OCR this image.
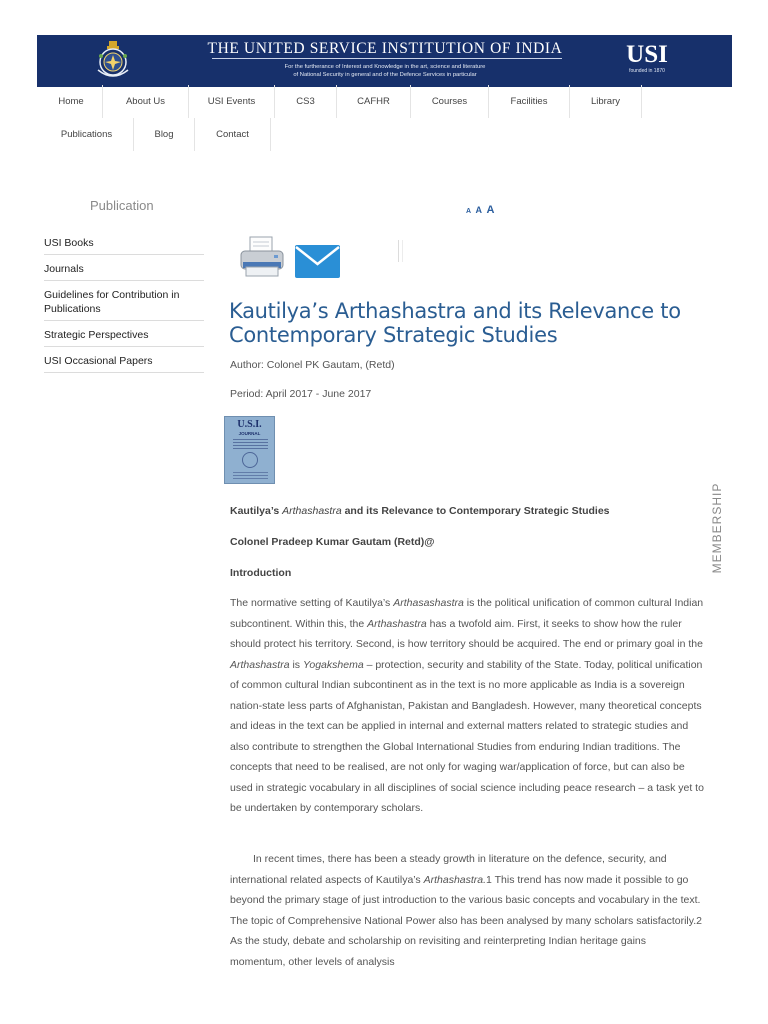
THE UNITED SERVICE INSTITUTION OF INDIA
For the furtherance of Interest and Knowledge in the art, science and literature
of National Security in general and of the Defence Services in particular
USI
founded in 1870
Home	About Us	USI Events	CS3	CAFHR	Courses	Facilities	Library
Publications	Blog	Contact
Publication
USI Books
Journals
Guidelines for Contribution in Publications
Strategic Perspectives
USI Occasional Papers
A A A
Kautilya’s Arthashastra and its Relevance to Contemporary Strategic Studies
Author: Colonel PK Gautam, (Retd)
Period: April 2017 - June 2017
U.S.I.
JOURNAL
Kautilya’s Arthashastra and its Relevance to Contemporary Strategic Studies
Colonel Pradeep Kumar Gautam (Retd)@
Introduction

The normative setting of Kautilya’s Arthasashastra is the political unification of common cultural Indian subcontinent. Within this, the Arthashastra has a twofold aim. First, it seeks to show how the ruler should protect his territory. Second, is how territory should be acquired. The end or primary goal in the Arthashastra is Yogakshema – protection, security and stability of the State. Today, political unification of common cultural Indian subcontinent as in the text is no more applicable as India is a sovereign nation-state less parts of Afghanistan, Pakistan and Bangladesh. However, many theoretical concepts and ideas in the text can be applied in internal and external matters related to strategic studies and also contribute to strengthen the Global International Studies from enduring Indian traditions. The concepts that need to be realised, are not only for waging war/application of force, but can also be used in strategic vocabulary in all disciplines of social science including peace research – a task yet to be undertaken by contemporary scholars.

In recent times, there has been a steady growth in literature on the defence, security, and international related aspects of Kautilya’s Arthashastra.1 This trend has now made it possible to go beyond the primary stage of just introduction to the various basic concepts and vocabulary in the text. The topic of Comprehensive National Power also has been analysed by many scholars satisfactorily.2 As the study, debate and scholarship on revisiting and reinterpreting Indian heritage gains momentum, other levels of analysis

MEMBERSHIP
